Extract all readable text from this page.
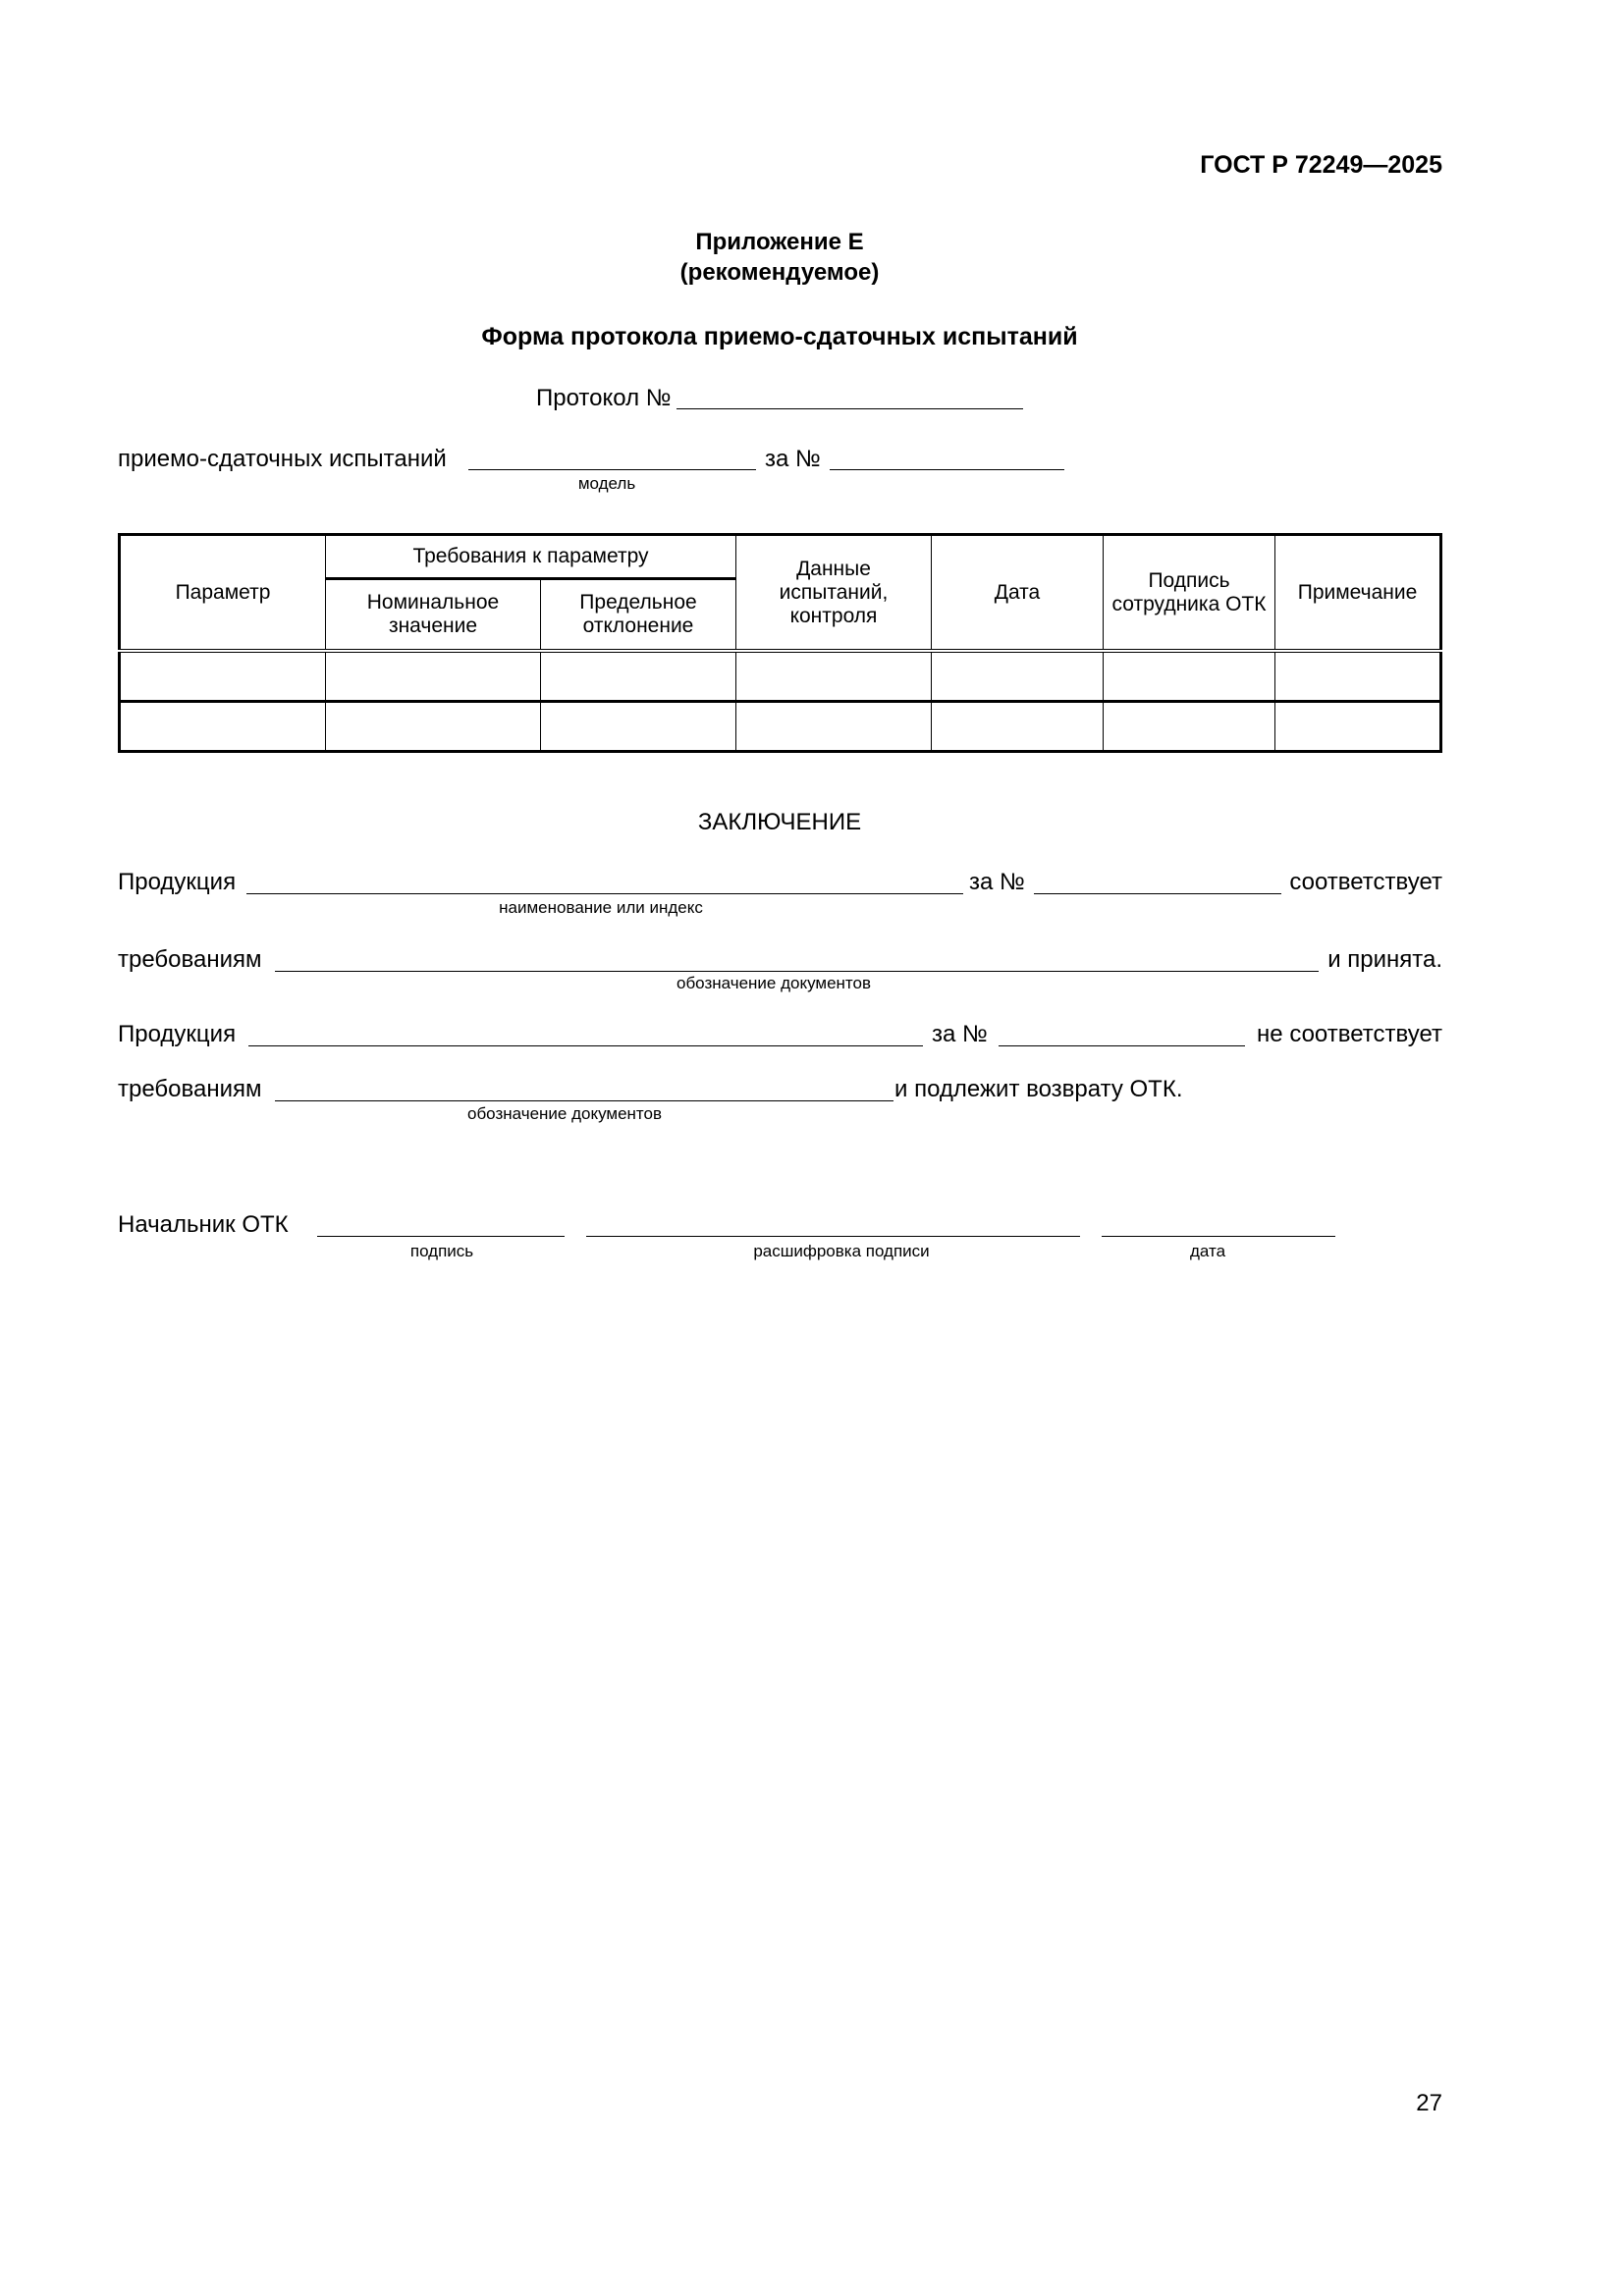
ГОСТ Р 72249—2025
Приложение Е
(рекомендуемое)
Форма протокола приемо-сдаточных испытаний
Протокол №
приемо-сдаточных испытаний	за №
модель
Параметр	Требования к параметру		Данные испытаний, контроля	Дата	Подпись сотрудника ОТК	Примечание
	Номинальное значение	Предельное отклонение				

ЗАКЛЮЧЕНИЕ
Продукция	за №	соответствует
наименование или индекс
требованиям	и принята.
обозначение документов
Продукция	за №	не соответствует
требованиям	и подлежит возврату ОТК.
обозначение документов
Начальник ОТК
подпись	расшифровка подписи	дата
27
